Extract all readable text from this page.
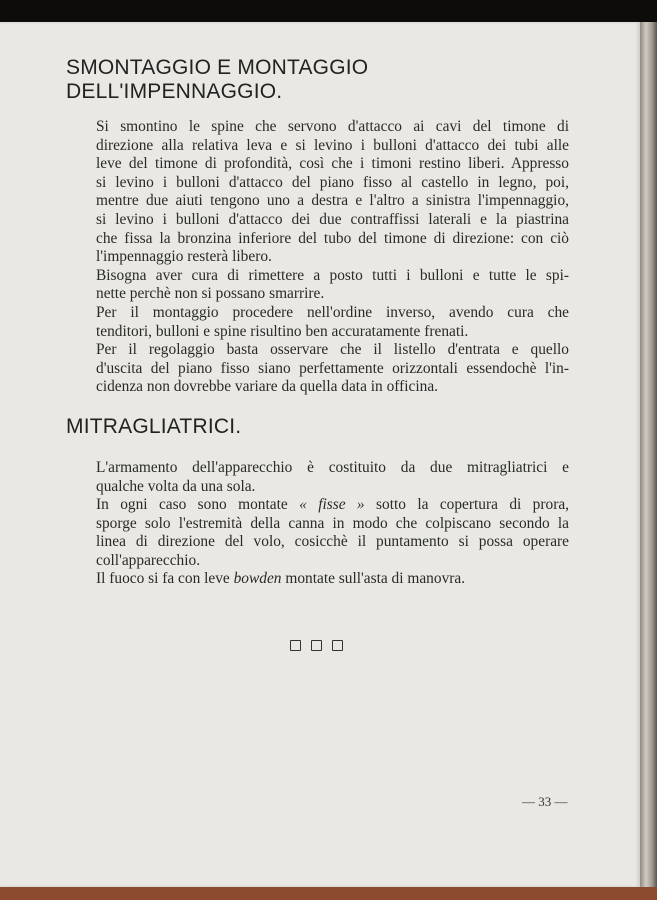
SMONTAGGIO E MONTAGGIO DELL'IMPENNAGGIO.

Si smontino le spine che servono d'attacco ai cavi del timone di
direzione alla relativa leva e si levino i bulloni d'attacco dei tubi alle
leve del timone di profondità, così che i timoni restino liberi. Appresso
si levino i bulloni d'attacco del piano fisso al castello in legno, poi,
mentre due aiuti tengono uno a destra e l'altro a sinistra l'impennaggio,
si levino i bulloni d'attacco dei due contraffissi laterali e la piastrina
che fissa la bronzina inferiore del tubo del timone di direzione: con ciò
l'impennaggio resterà libero.

Bisogna aver cura di rimettere a posto tutti i bulloni e tutte le spi-
nette perchè non si possano smarrire.

Per il montaggio procedere nell'ordine inverso, avendo cura che
tenditori, bulloni e spine risultino ben accuratamente frenati.

Per il regolaggio basta osservare che il listello d'entrata e quello
d'uscita del piano fisso siano perfettamente orizzontali essendochè l'in-
cidenza non dovrebbe variare da quella data in officina.

MITRAGLIATRICI.

L'armamento dell'apparecchio è costituito da due mitragliatrici e
qualche volta da una sola.

In ogni caso sono montate « fisse » sotto la copertura di prora,
sporge solo l'estremità della canna in modo che colpiscano secondo la
linea di direzione del volo, cosicchè il puntamento si possa operare
coll'apparecchio.

Il fuoco si fa con leve bowden montate sull'asta di manovra.

— 33 —
